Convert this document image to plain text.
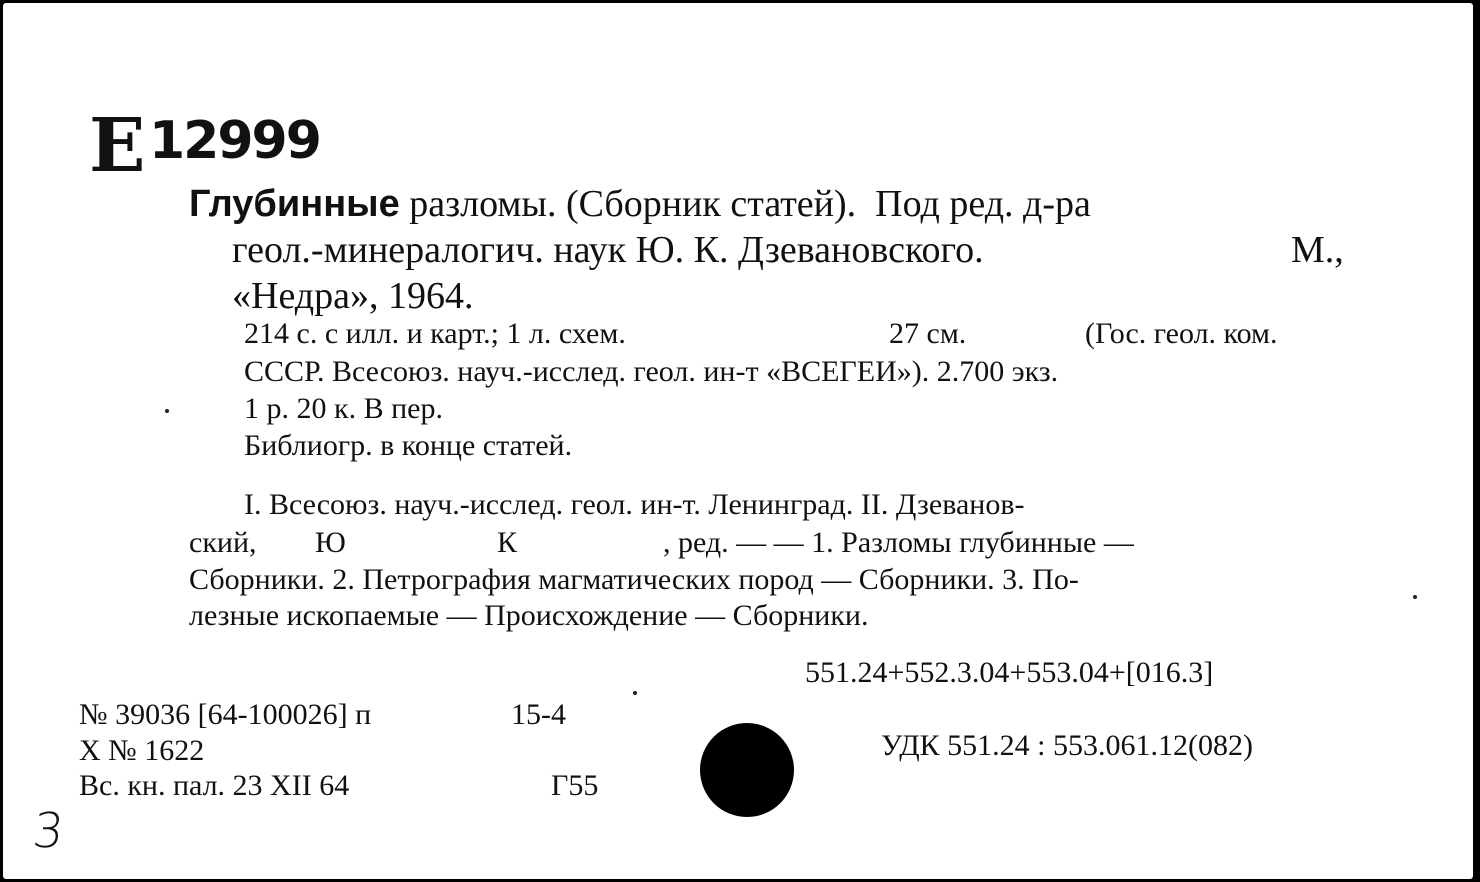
Е 12999
Глубинные разломы. (Сборник статей).  Под ред. д-ра
геол.-минералогич. наук Ю. К. Дзевановского.	М.,
«Недра», 1964.
214 с. с илл. и карт.; 1 л. схем.	27 см.	(Гос. геол. ком.
СССР. Всесоюз. науч.-исслед. геол. ин-т «ВСЕГЕИ»). 2.700 экз.
1 р. 20 к. В пер.
Библиогр. в конце статей.
I. Всесоюз. науч.-исслед. геол. ин-т. Ленинград. II. Дзеванов-
ский, Ю	К	, ред. — — 1. Разломы глубинные —
Сборники. 2. Петрография магматических пород — Сборники. 3. По-
лезные ископаемые — Происхождение — Сборники.
551.24+552.3.04+553.04+[016.3]
УДК 551.24 : 553.061.12(082)
№ 39036 [64-100026] п	15-4
Х № 1622
Вс. кн. пал. 23 XII 64	Г55
3
